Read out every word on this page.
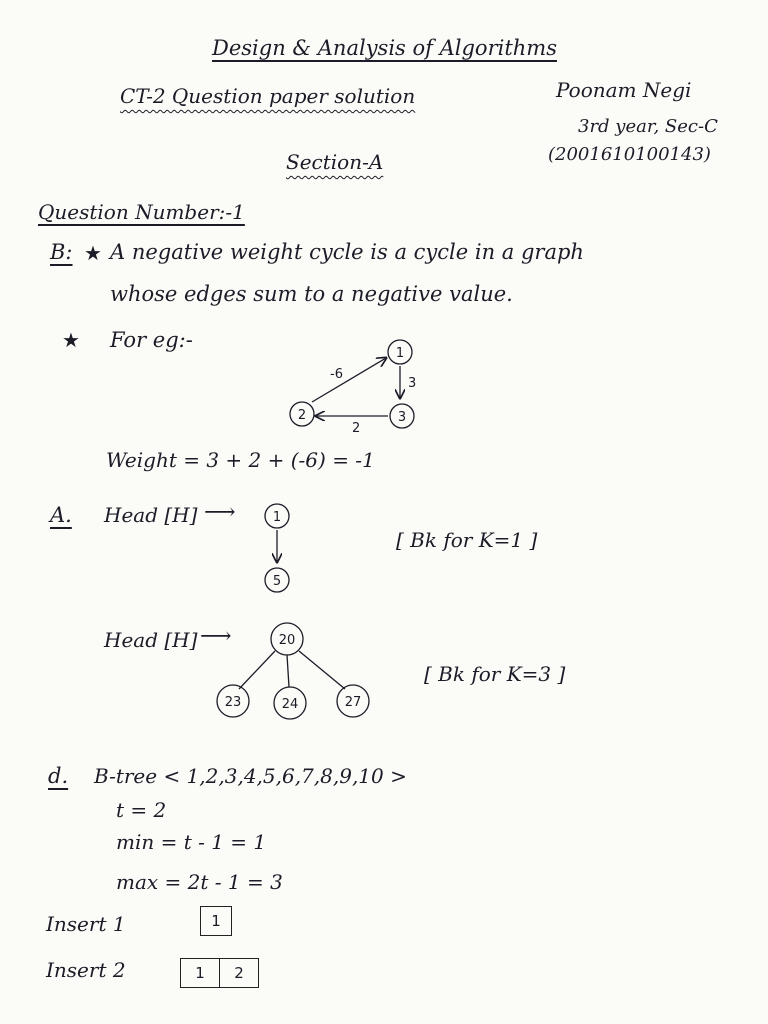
Design & Analysis of Algorithms
CT-2 Question paper solution	Poonam Negi
3rd year, Sec-C
(2001610100143)
Section-A
Question Number:-1
B: ★ A negative weight cycle is a cycle in a graph
whose edges sum to a negative value.
★ For eg:-
1
2	3
-6
3
2
Weight = 3 + 2 + (-6) = -1
A. Head [H] ⟶	1
5
[ Bk for K=1 ]
Head [H] ⟶	20
23	24	27
[ Bk for K=3 ]
d. B-tree < 1,2,3,4,5,6,7,8,9,10 >
t = 2
min = t - 1 = 1
max = 2t - 1 = 3
Insert 1	1
Insert 2	1	2
